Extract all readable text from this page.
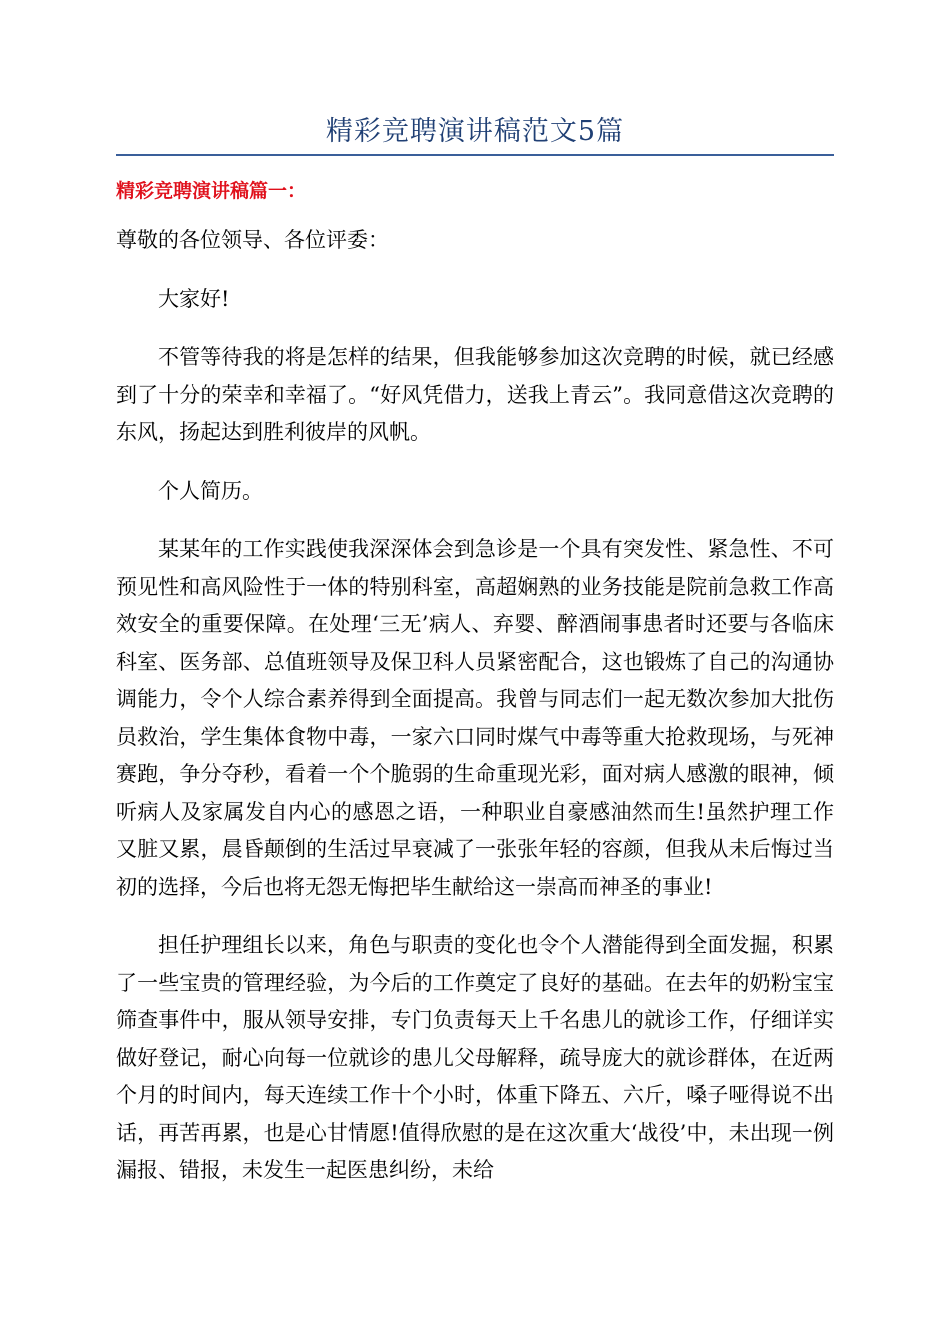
精彩竞聘演讲稿范文5篇
精彩竞聘演讲稿篇一：

尊敬的各位领导、各位评委：

大家好!

不管等待我的将是怎样的结果，但我能够参加这次竞聘的时候，就已经感到了十分的荣幸和幸福了。“好风凭借力，送我上青云”。我同意借这次竞聘的东风，扬起达到胜利彼岸的风帆。

个人简历。

某某年的工作实践使我深深体会到急诊是一个具有突发性、紧急性、不可预见性和高风险性于一体的特别科室，高超娴熟的业务技能是院前急救工作高效安全的重要保障。在处理‘三无’病人、弃婴、醉酒闹事患者时还要与各临床科室、医务部、总值班领导及保卫科人员紧密配合，这也锻炼了自己的沟通协调能力，令个人综合素养得到全面提高。我曾与同志们一起无数次参加大批伤员救治，学生集体食物中毒，一家六口同时煤气中毒等重大抢救现场，与死神赛跑，争分夺秒，看着一个个脆弱的生命重现光彩，面对病人感激的眼神，倾听病人及家属发自内心的感恩之语，一种职业自豪感油然而生!虽然护理工作又脏又累，晨昏颠倒的生活过早衰减了一张张年轻的容颜，但我从未后悔过当初的选择，今后也将无怨无悔把毕生献给这一崇高而神圣的事业!

担任护理组长以来，角色与职责的变化也令个人潜能得到全面发掘，积累了一些宝贵的管理经验，为今后的工作奠定了良好的基础。在去年的奶粉宝宝筛查事件中，服从领导安排，专门负责每天上千名患儿的就诊工作，仔细详实做好登记，耐心向每一位就诊的患儿父母解释，疏导庞大的就诊群体，在近两个月的时间内，每天连续工作十个小时，体重下降五、六斤，嗓子哑得说不出话，再苦再累，也是心甘情愿!值得欣慰的是在这次重大‘战役’中，未出现一例漏报、错报，未发生一起医患纠纷，未给
